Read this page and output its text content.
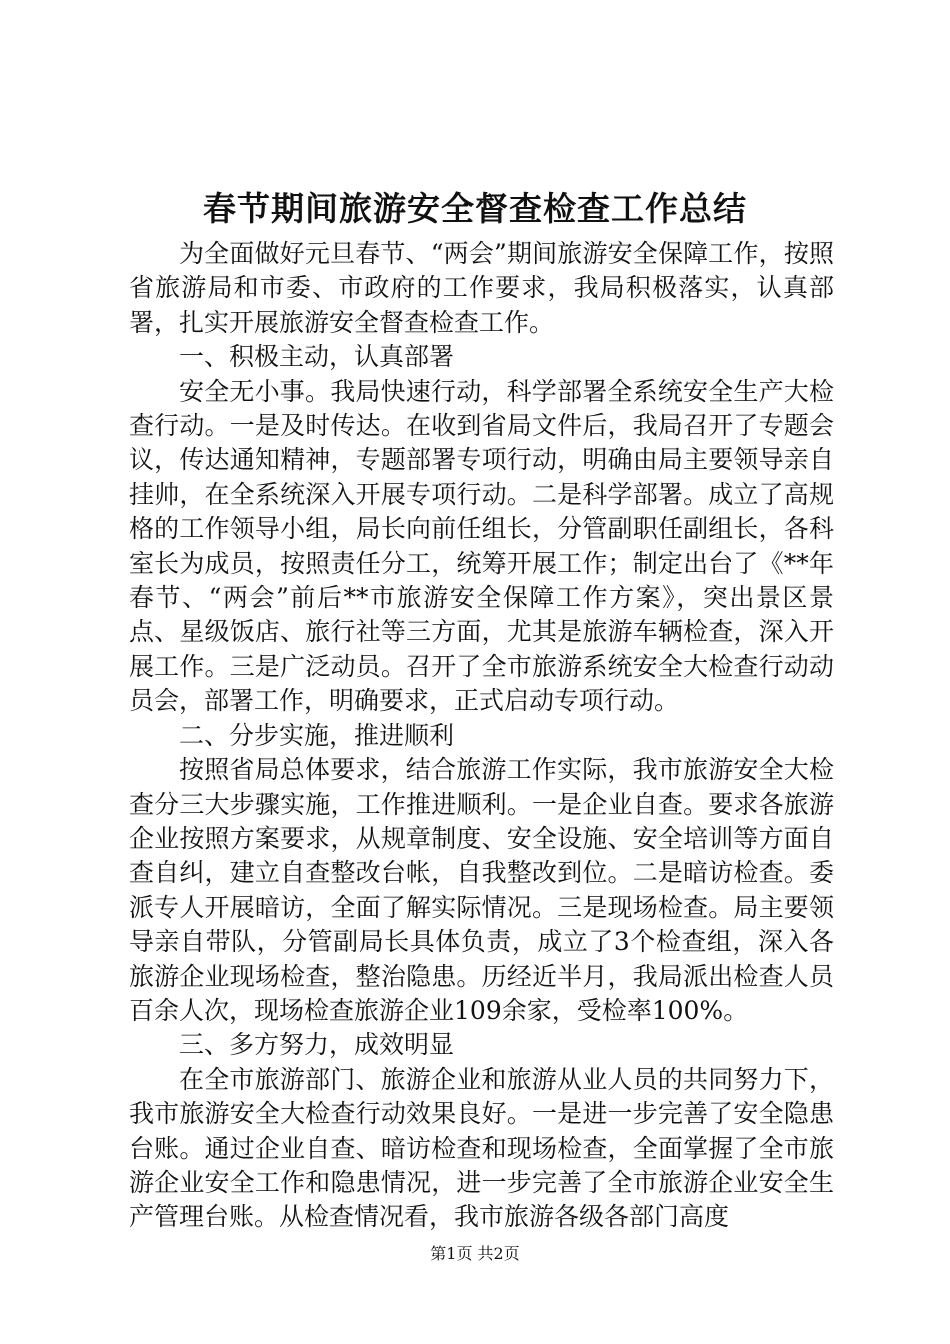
春节期间旅游安全督查检查工作总结

为全面做好元旦春节、“两会”期间旅游安全保障工作，按照省旅游局和市委、市政府的工作要求，我局积极落实，认真部署，扎实开展旅游安全督查检查工作。

一、积极主动，认真部署

安全无小事。我局快速行动，科学部署全系统安全生产大检查行动。一是及时传达。在收到省局文件后，我局召开了专题会议，传达通知精神，专题部署专项行动，明确由局主要领导亲自挂帅，在全系统深入开展专项行动。二是科学部署。成立了高规格的工作领导小组，局长向前任组长，分管副职任副组长，各科室长为成员，按照责任分工，统筹开展工作；制定出台了《**年春节、“两会”前后**市旅游安全保障工作方案》，突出景区景点、星级饭店、旅行社等三方面，尤其是旅游车辆检查，深入开展工作。三是广泛动员。召开了全市旅游系统安全大检查行动动员会，部署工作，明确要求，正式启动专项行动。

二、分步实施，推进顺利

按照省局总体要求，结合旅游工作实际，我市旅游安全大检查分三大步骤实施，工作推进顺利。一是企业自查。要求各旅游企业按照方案要求，从规章制度、安全设施、安全培训等方面自查自纠，建立自查整改台帐，自我整改到位。二是暗访检查。委派专人开展暗访，全面了解实际情况。三是现场检查。局主要领导亲自带队，分管副局长具体负责，成立了3个检查组，深入各旅游企业现场检查，整治隐患。历经近半月，我局派出检查人员百余人次，现场检查旅游企业109余家，受检率100%。

三、多方努力，成效明显

在全市旅游部门、旅游企业和旅游从业人员的共同努力下，我市旅游安全大检查行动效果良好。一是进一步完善了安全隐患台账。通过企业自查、暗访检查和现场检查，全面掌握了全市旅游企业安全工作和隐患情况，进一步完善了全市旅游企业安全生产管理台账。从检查情况看，我市旅游各级各部门高度

第1页 共2页
